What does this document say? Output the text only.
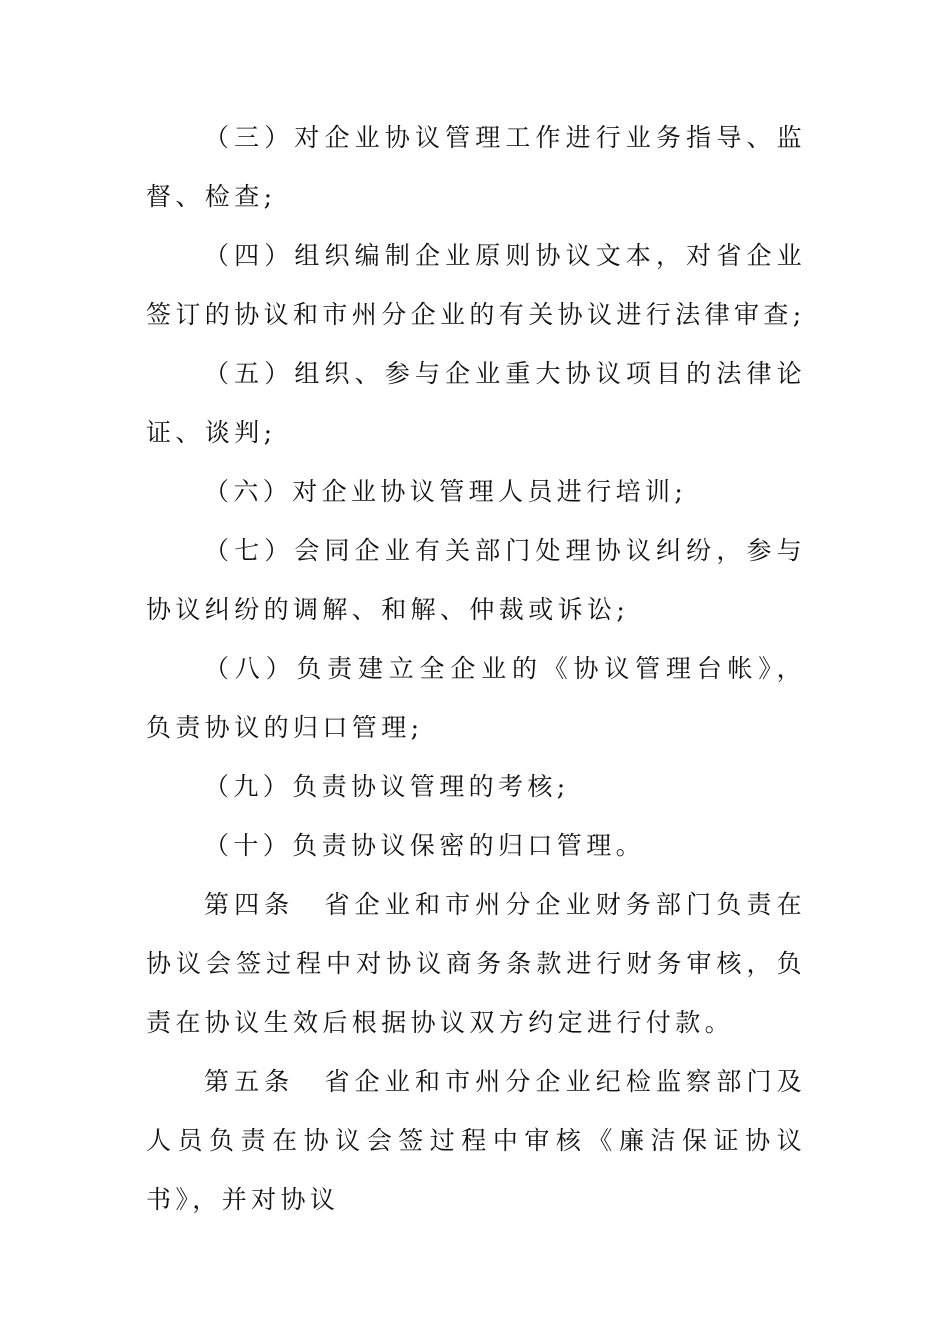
（三）对企业协议管理工作进行业务指导、监督、检查;

（四）组织编制企业原则协议文本，对省企业签订的协议和市州分企业的有关协议进行法律审查;

（五）组织、参与企业重大协议项目的法律论证、谈判;

（六）对企业协议管理人员进行培训;

（七）会同企业有关部门处理协议纠纷，参与协议纠纷的调解、和解、仲裁或诉讼;

（八）负责建立全企业的《协议管理台帐》，负责协议的归口管理;

（九）负责协议管理的考核;

（十）负责协议保密的归口管理。

第四条　省企业和市州分企业财务部门负责在协议会签过程中对协议商务条款进行财务审核，负责在协议生效后根据协议双方约定进行付款。

第五条　省企业和市州分企业纪检监察部门及人员负责在协议会签过程中审核《廉洁保证协议书》，并对协议
